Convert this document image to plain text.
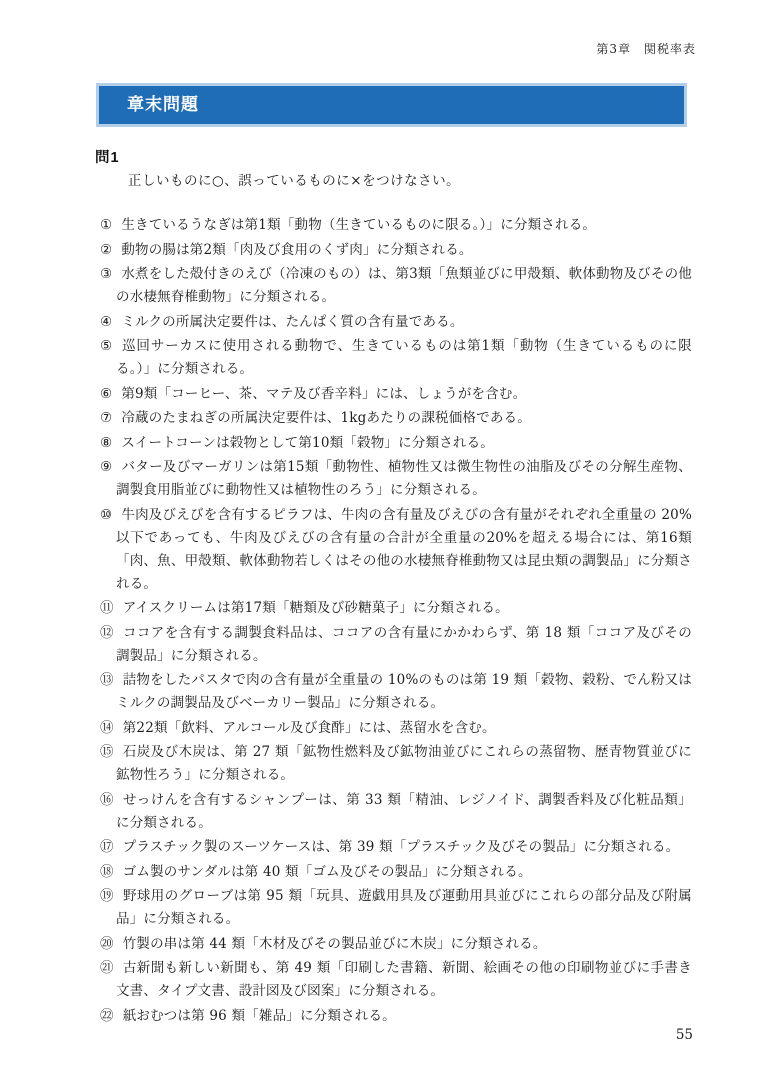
第3章　関税率表
章末問題
問1
正しいものに○、誤っているものに×をつけなさい。
① 生きているうなぎは第1類「動物（生きているものに限る。）」に分類される。
② 動物の腸は第2類「肉及び食用のくず肉」に分類される。
③ 水煮をした殻付きのえび（冷凍のもの）は、第3類「魚類並びに甲殻類、軟体動物及びその他の水棲無脊椎動物」に分類される。
④ ミルクの所属決定要件は、たんぱく質の含有量である。
⑤ 巡回サーカスに使用される動物で、生きているものは第1類「動物（生きているものに限る。）」に分類される。
⑥ 第9類「コーヒー、茶、マテ及び香辛料」には、しょうがを含む。
⑦ 冷蔵のたまねぎの所属決定要件は、1kgあたりの課税価格である。
⑧ スイートコーンは穀物として第10類「穀物」に分類される。
⑨ バター及びマーガリンは第15類「動物性、植物性又は微生物性の油脂及びその分解生産物、調製食用脂並びに動物性又は植物性のろう」に分類される。
⑩ 牛肉及びえびを含有するピラフは、牛肉の含有量及びえびの含有量がそれぞれ全重量の 20%以下であっても、牛肉及びえびの含有量の合計が全重量の20%を超える場合には、第16類「肉、魚、甲殻類、軟体動物若しくはその他の水棲無脊椎動物又は昆虫類の調製品」に分類される。
⑪ アイスクリームは第17類「糖類及び砂糖菓子」に分類される。
⑫ ココアを含有する調製食料品は、ココアの含有量にかかわらず、第 18 類「ココア及びその調製品」に分類される。
⑬ 詰物をしたパスタで肉の含有量が全重量の 10%のものは第 19 類「穀物、穀粉、でん粉又はミルクの調製品及びベーカリー製品」に分類される。
⑭ 第22類「飲料、アルコール及び食酢」には、蒸留水を含む。
⑮ 石炭及び木炭は、第 27 類「鉱物性燃料及び鉱物油並びにこれらの蒸留物、歴青物質並びに鉱物性ろう」に分類される。
⑯ せっけんを含有するシャンプーは、第 33 類「精油、レジノイド、調製香料及び化粧品類」に分類される。
⑰ プラスチック製のスーツケースは、第 39 類「プラスチック及びその製品」に分類される。
⑱ ゴム製のサンダルは第 40 類「ゴム及びその製品」に分類される。
⑲ 野球用のグローブは第 95 類「玩具、遊戯用具及び運動用具並びにこれらの部分品及び附属品」に分類される。
⑳ 竹製の串は第 44 類「木材及びその製品並びに木炭」に分類される。
㉑ 古新聞も新しい新聞も、第 49 類「印刷した書籍、新聞、絵画その他の印刷物並びに手書き文書、タイプ文書、設計図及び図案」に分類される。
㉒ 紙おむつは第 96 類「雑品」に分類される。
55
